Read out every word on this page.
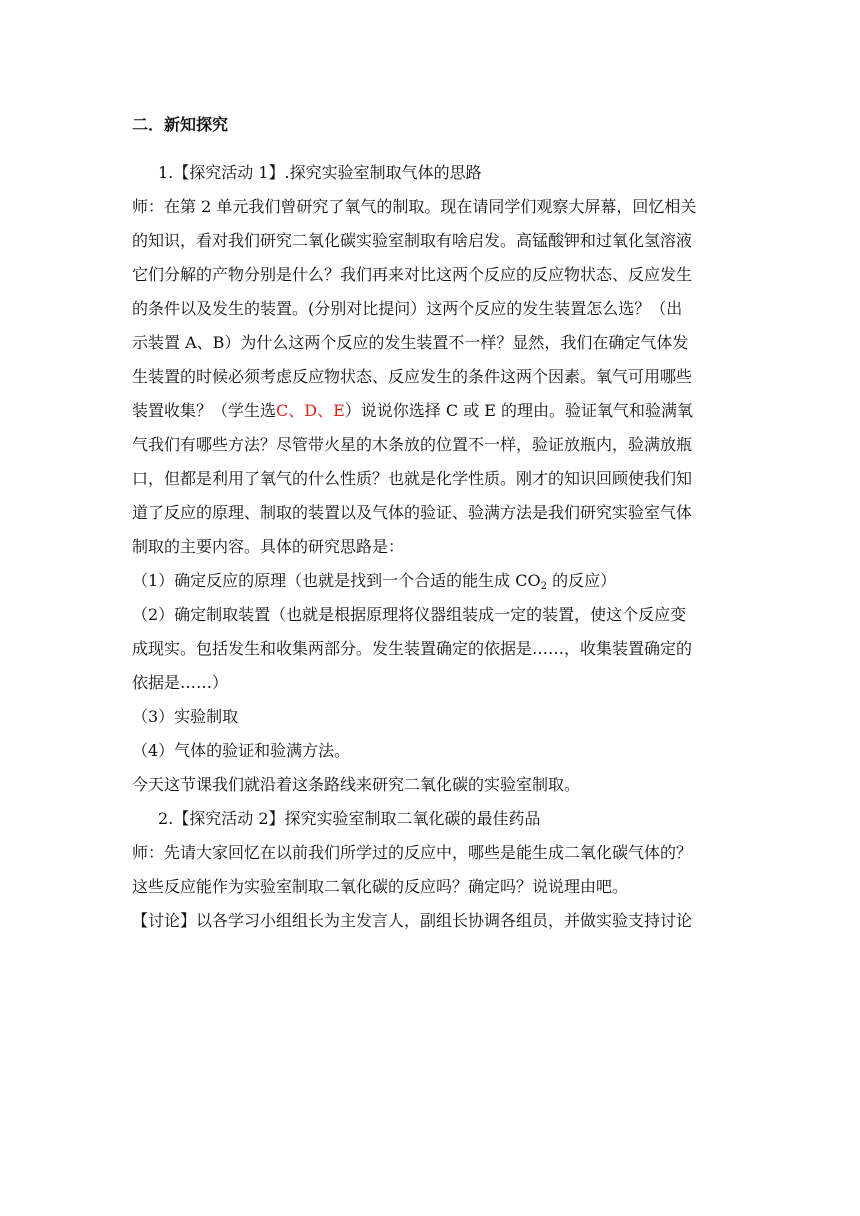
二．新知探究
1.【探究活动 1】.探究实验室制取气体的思路
师：在第 2 单元我们曾研究了氧气的制取。现在请同学们观察大屏幕，回忆相关
的知识，看对我们研究二氧化碳实验室制取有啥启发。高锰酸钾和过氧化氢溶液
它们分解的产物分别是什么？我们再来对比这两个反应的反应物状态、反应发生
的条件以及发生的装置。(分别对比提问）这两个反应的发生装置怎么选？（出
示装置 A、B）为什么这两个反应的发生装置不一样？显然，我们在确定气体发
生装置的时候必须考虑反应物状态、反应发生的条件这两个因素。氧气可用哪些
装置收集？（学生选C、D、E）说说你选择 C 或 E 的理由。验证氧气和验满氧
气我们有哪些方法？尽管带火星的木条放的位置不一样，验证放瓶内，验满放瓶
口，但都是利用了氧气的什么性质？也就是化学性质。刚才的知识回顾使我们知
道了反应的原理、制取的装置以及气体的验证、验满方法是我们研究实验室气体
制取的主要内容。具体的研究思路是：
（1）确定反应的原理（也就是找到一个合适的能生成 $CO_2$ 的反应）
（2）确定制取装置（也就是根据原理将仪器组装成一定的装置，使这个反应变
成现实。包括发生和收集两部分。发生装置确定的依据是……，收集装置确定的
依据是……）
（3）实验制取
（4）气体的验证和验满方法。
今天这节课我们就沿着这条路线来研究二氧化碳的实验室制取。
2.【探究活动 2】探究实验室制取二氧化碳的最佳药品
师：先请大家回忆在以前我们所学过的反应中，哪些是能生成二氧化碳气体的？
这些反应能作为实验室制取二氧化碳的反应吗？确定吗？说说理由吧。
【讨论】以各学习小组组长为主发言人，副组长协调各组员，并做实验支持讨论
